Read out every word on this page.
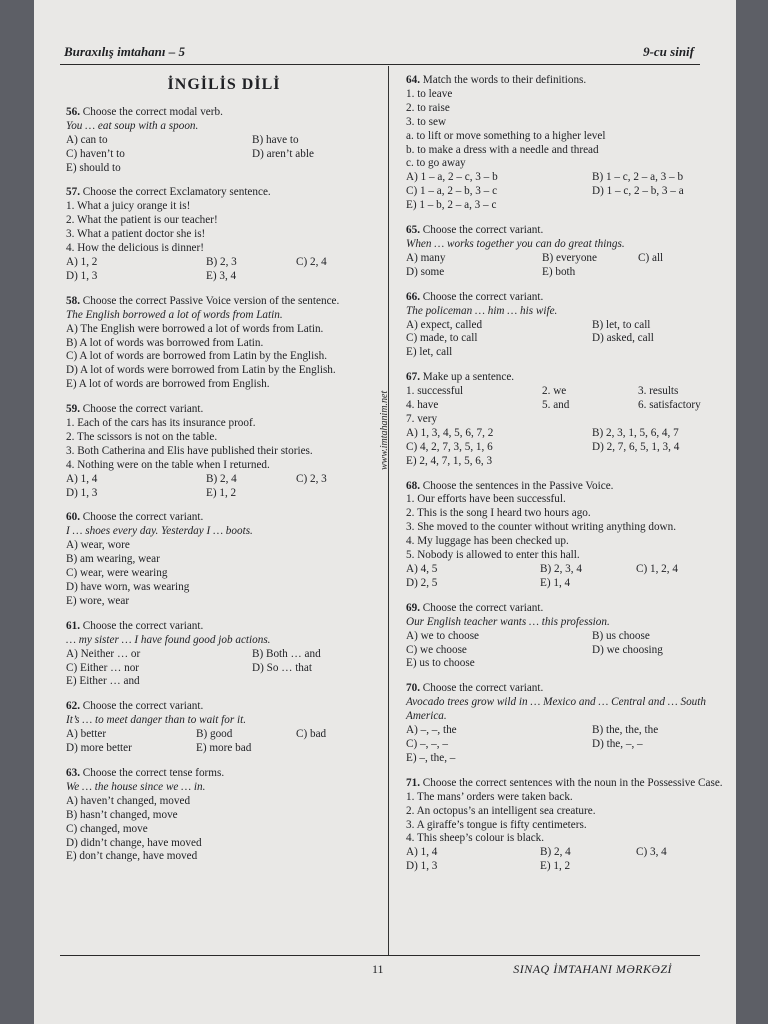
Buraxılış imtahanı – 5	9-cu sinif
www.imtahanim.net
İNGİLİS DİLİ
56. Choose the correct modal verb.
You … eat soup with a spoon.
A) can to	B) have to
C) haven’t to	D) aren’t able
E) should to
57. Choose the correct Exclamatory sentence.
1. What a juicy orange it is!
2. What the patient is our teacher!
3. What a patient doctor she is!
4. How the delicious is dinner!
A) 1, 2	B) 2, 3	C) 2, 4
D) 1, 3	E) 3, 4
58. Choose the correct Passive Voice version of the sentence.
The English borrowed a lot of words from Latin.
A) The English were borrowed a lot of words from Latin.
B) A lot of words was borrowed from Latin.
C) A lot of words are borrowed from Latin by the English.
D) A lot of words were borrowed from Latin by the English.
E) A lot of words are borrowed from English.
59. Choose the correct variant.
1. Each of the cars has its insurance proof.
2. The scissors is not on the table.
3. Both Catherina and Elis have published their stories.
4. Nothing were on the table when I returned.
A) 1, 4	B) 2, 4	C) 2, 3
D) 1, 3	E) 1, 2
60. Choose the correct variant.
I … shoes every day. Yesterday I … boots.
A) wear, wore
B) am wearing, wear
C) wear, were wearing
D) have worn, was wearing
E) wore, wear
61. Choose the correct variant.
… my sister … I have found good job actions.
A) Neither … or	B) Both … and
C) Either … nor	D) So … that
E) Either … and
62. Choose the correct variant.
It’s … to meet danger than to wait for it.
A) better	B) good	C) bad
D) more better	E) more bad
63. Choose the correct tense forms.
We … the house since we … in.
A) haven’t changed, moved
B) hasn’t changed, move
C) changed, move
D) didn’t change, have moved
E) don’t change, have moved
64. Match the words to their definitions.
1. to leave
2. to raise
3. to sew
a. to lift or move something to a higher level
b. to make a dress with a needle and thread
c. to go away
A) 1 – a, 2 – c, 3 – b	B) 1 – c, 2 – a, 3 – b
C) 1 – a, 2 – b, 3 – c	D) 1 – c, 2 – b, 3 – a
E) 1 – b, 2 – a, 3 – c
65. Choose the correct variant.
When … works together you can do great things.
A) many	B) everyone	C) all
D) some	E) both
66. Choose the correct variant.
The policeman … him … his wife.
A) expect, called	B) let, to call
C) made, to call	D) asked, call
E) let, call
67. Make up a sentence.
1. successful	2. we	3. results
4. have	5. and	6. satisfactory
7. very
A) 1, 3, 4, 5, 6, 7, 2	B) 2, 3, 1, 5, 6, 4, 7
C) 4, 2, 7, 3, 5, 1, 6	D) 2, 7, 6, 5, 1, 3, 4
E) 2, 4, 7, 1, 5, 6, 3
68. Choose the sentences in the Passive Voice.
1. Our efforts have been successful.
2. This is the song I heard two hours ago.
3. She moved to the counter without writing anything down.
4. My luggage has been checked up.
5. Nobody is allowed to enter this hall.
A) 4, 5	B) 2, 3, 4	C) 1, 2, 4
D) 2, 5	E) 1, 4
69. Choose the correct variant.
Our English teacher wants … this profession.
A) we to choose	B) us choose
C) we choose	D) we choosing
E) us to choose
70. Choose the correct variant.
Avocado trees grow wild in … Mexico and … Central and … South America.
A) –, –, the	B) the, the, the
C) –, –, –	D) the, –, –
E) –, the, –
71. Choose the correct sentences with the noun in the Possessive Case.
1. The mans’ orders were taken back.
2. An octopus’s an intelligent sea creature.
3. A giraffe’s tongue is fifty centimeters.
4. This sheep’s colour is black.
A) 1, 4	B) 2, 4	C) 3, 4
D) 1, 3	E) 1, 2
11	SINAQ İMTAHANI MƏRKƏZİ
